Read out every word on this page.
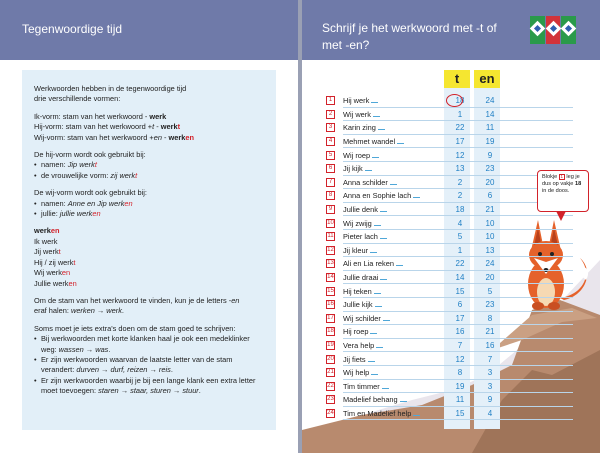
Tegenwoordige tijd

Werkwoorden hebben in de tegenwoordige tijd
drie verschillende vormen:

Ik-vorm: stam van het werkwoord - werk
Hij-vorm: stam van het werkwoord +t - werkt
Wij-vorm: stam van het werkwoord +en - werken

De hij-vorm wordt ook gebruikt bij:

• namen: Jip werkt
• de vrouwelijke vorm: zij werkt

De wij-vorm wordt ook gebruikt bij:

• namen: Anne en Jip werken
• jullie: jullie werken

werken
Ik werk
Jij werkt
Hij / zij werkt
Wij werken
Jullie werken

Om de stam van het werkwoord te vinden, kun je de letters -en
eraf halen: werken → werk.

Soms moet je iets extra's doen om de stam goed te schrijven:

• Bij werkwoorden met korte klanken haal je ook een medeklinker weg: wassen → was.
• Er zijn werkwoorden waarvan de laatste letter van de stam verandert: durven → durf, reizen → reis.
• Er zijn werkwoorden waarbij je bij een lange klank een extra letter moet toevoegen: staren → staar, sturen → stuur.
Schrijf je het werkwoord met -t of
met -en?
t	en
1	Hij werk	18	24
2	Wij werk	1	14
3	Karin zing	22	11
4	Mehmet wandel	17	19
5	Wij roep	12	9
6	Jij kijk	13	23
7	Anna schilder	2	20
8	Anna en Sophie lach	2	6
9	Jullie denk	18	21
10 Wij zwijg	4	10
11 Pieter lach	5	10
12 Jij kleur	1	13
13 Ali en Lia reken	22	24
14 Jullie draai	14	20
15 Hij teken	15	5
16 Jullie kijk	6	23
17 Wij schilder	17	8
18 Hij roep	16	21
19 Vera help	7	16
20 Jij fiets	12	7
21 Wij help	8	3
22 Tim timmer	19	3
23 Madelief behang	11	9
24 Tim en Madelief help	15	4
Blokje 1 leg je dus op vakje 18 in de doos.
